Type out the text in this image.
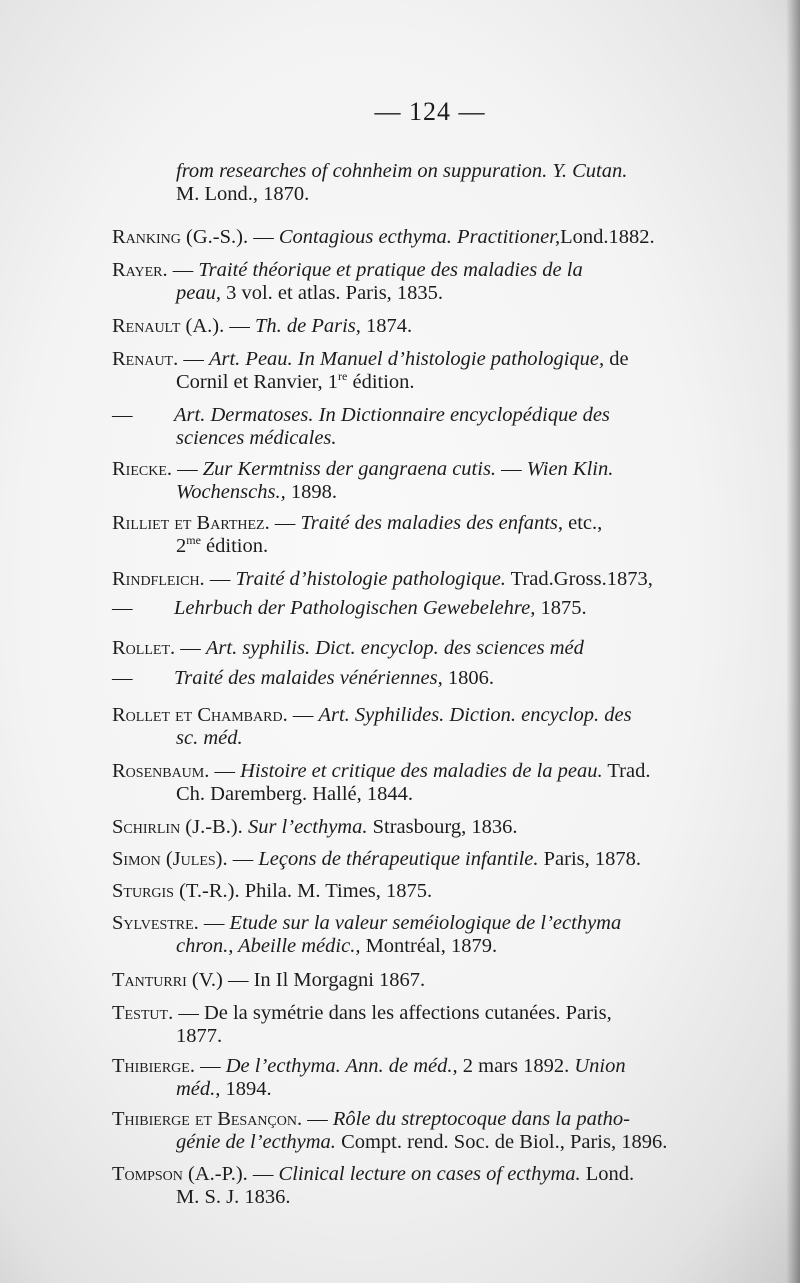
— 124 —
from researches of cohnheim on suppuration. Y. Cutan.
M. Lond., 1870.
Ranking (G.-S.). — Contagious ecthyma. Practitioner,Lond.1882.
Rayer. — Traité théorique et pratique des maladies de la
peau, 3 vol. et atlas. Paris, 1835.
Renault (A.). — Th. de Paris, 1874.
Renaut. — Art. Peau. In Manuel d’histologie pathologique, de
Cornil et Ranvier, 1re édition.
— Art. Dermatoses. In Dictionnaire encyclopédique des
sciences médicales.
Riecke. — Zur Kermtniss der gangraena cutis. — Wien Klin.
Wochenschs., 1898.
Rilliet et Barthez. — Traité des maladies des enfants, etc.,
$2^{me}$ édition.
Rindfleich. — Traité d’histologie pathologique. Trad.Gross.1873,
— Lehrbuch der Pathologischen Gewebelehre, 1875.
Rollet. — Art. syphilis. Dict. encyclop. des sciences méd
— Traité des malaides vénériennes, 1806.
Rollet et Chambard. — Art. Syphilides. Diction. encyclop. des
sc. méd.
Rosenbaum. — Histoire et critique des maladies de la peau. Trad.
Ch. Daremberg. Hallé, 1844.
Schirlin (J.-B.). Sur l’ecthyma. Strasbourg, 1836.
Simon (Jules). — Leçons de thérapeutique infantile. Paris, 1878.
Sturgis (T.-R.). Phila. M. Times, 1875.
Sylvestre. — Etude sur la valeur seméiologique de l’ecthyma
chron., Abeille médic., Montréal, 1879.
Tanturri (V.) — In Il Morgagni 1867.
Testut. — De la symétrie dans les affections cutanées. Paris,
1877.
Thibierge. — De l’ecthyma. Ann. de méd., 2 mars 1892. Union
méd., 1894.
Thibierge et Besançon. — Rôle du streptocoque dans la patho-
génie de l’ecthyma. Compt. rend. Soc. de Biol., Paris, 1896.
Tompson (A.-P.). — Clinical lecture on cases of ecthyma. Lond.
M. S. J. 1836.
